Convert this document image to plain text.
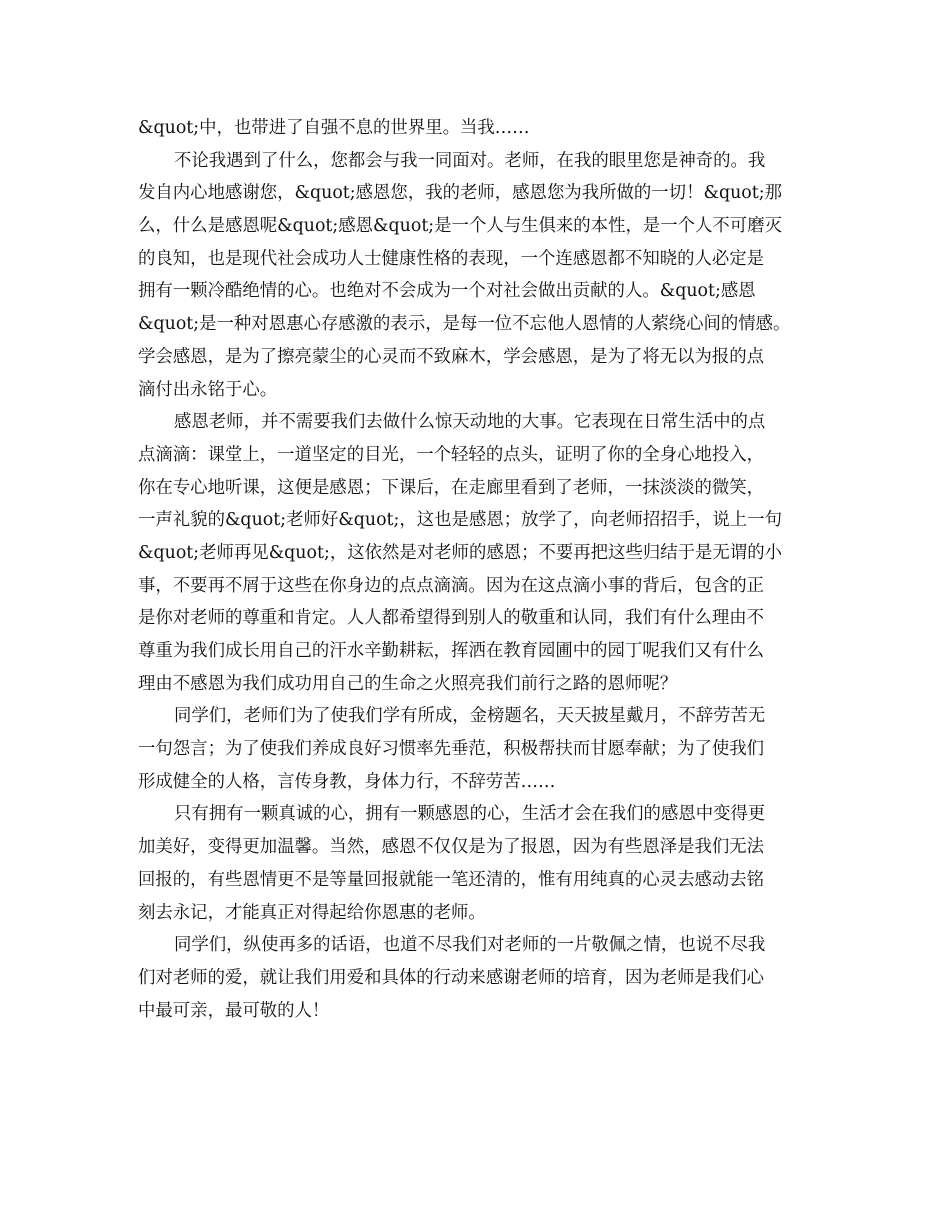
&quot;中，也带进了自强不息的世界里。当我……
不论我遇到了什么，您都会与我一同面对。老师，在我的眼里您是神奇的。我
发自内心地感谢您，&quot;感恩您，我的老师，感恩您为我所做的一切！&quot;那
么，什么是感恩呢&quot;感恩&quot;是一个人与生俱来的本性，是一个人不可磨灭
的良知，也是现代社会成功人士健康性格的表现，一个连感恩都不知晓的人必定是
拥有一颗冷酷绝情的心。也绝对不会成为一个对社会做出贡献的人。&quot;感恩
&quot;是一种对恩惠心存感激的表示，是每一位不忘他人恩情的人萦绕心间的情感。
学会感恩，是为了擦亮蒙尘的心灵而不致麻木，学会感恩，是为了将无以为报的点
滴付出永铭于心。
感恩老师，并不需要我们去做什么惊天动地的大事。它表现在日常生活中的点
点滴滴：课堂上，一道坚定的目光，一个轻轻的点头，证明了你的全身心地投入，
你在专心地听课，这便是感恩；下课后，在走廊里看到了老师，一抹淡淡的微笑，
一声礼貌的&quot;老师好&quot;，这也是感恩；放学了，向老师招招手，说上一句
&quot;老师再见&quot;，这依然是对老师的感恩；不要再把这些归结于是无谓的小
事，不要再不屑于这些在你身边的点点滴滴。因为在这点滴小事的背后，包含的正
是你对老师的尊重和肯定。人人都希望得到别人的敬重和认同，我们有什么理由不
尊重为我们成长用自己的汗水辛勤耕耘，挥洒在教育园圃中的园丁呢我们又有什么
理由不感恩为我们成功用自己的生命之火照亮我们前行之路的恩师呢？
同学们，老师们为了使我们学有所成，金榜题名，天天披星戴月，不辞劳苦无
一句怨言；为了使我们养成良好习惯率先垂范，积极帮扶而甘愿奉献；为了使我们
形成健全的人格，言传身教，身体力行，不辞劳苦……
只有拥有一颗真诚的心，拥有一颗感恩的心，生活才会在我们的感恩中变得更
加美好，变得更加温馨。当然，感恩不仅仅是为了报恩，因为有些恩泽是我们无法
回报的，有些恩情更不是等量回报就能一笔还清的，惟有用纯真的心灵去感动去铭
刻去永记，才能真正对得起给你恩惠的老师。
同学们，纵使再多的话语，也道不尽我们对老师的一片敬佩之情，也说不尽我
们对老师的爱，就让我们用爱和具体的行动来感谢老师的培育，因为老师是我们心
中最可亲，最可敬的人！
